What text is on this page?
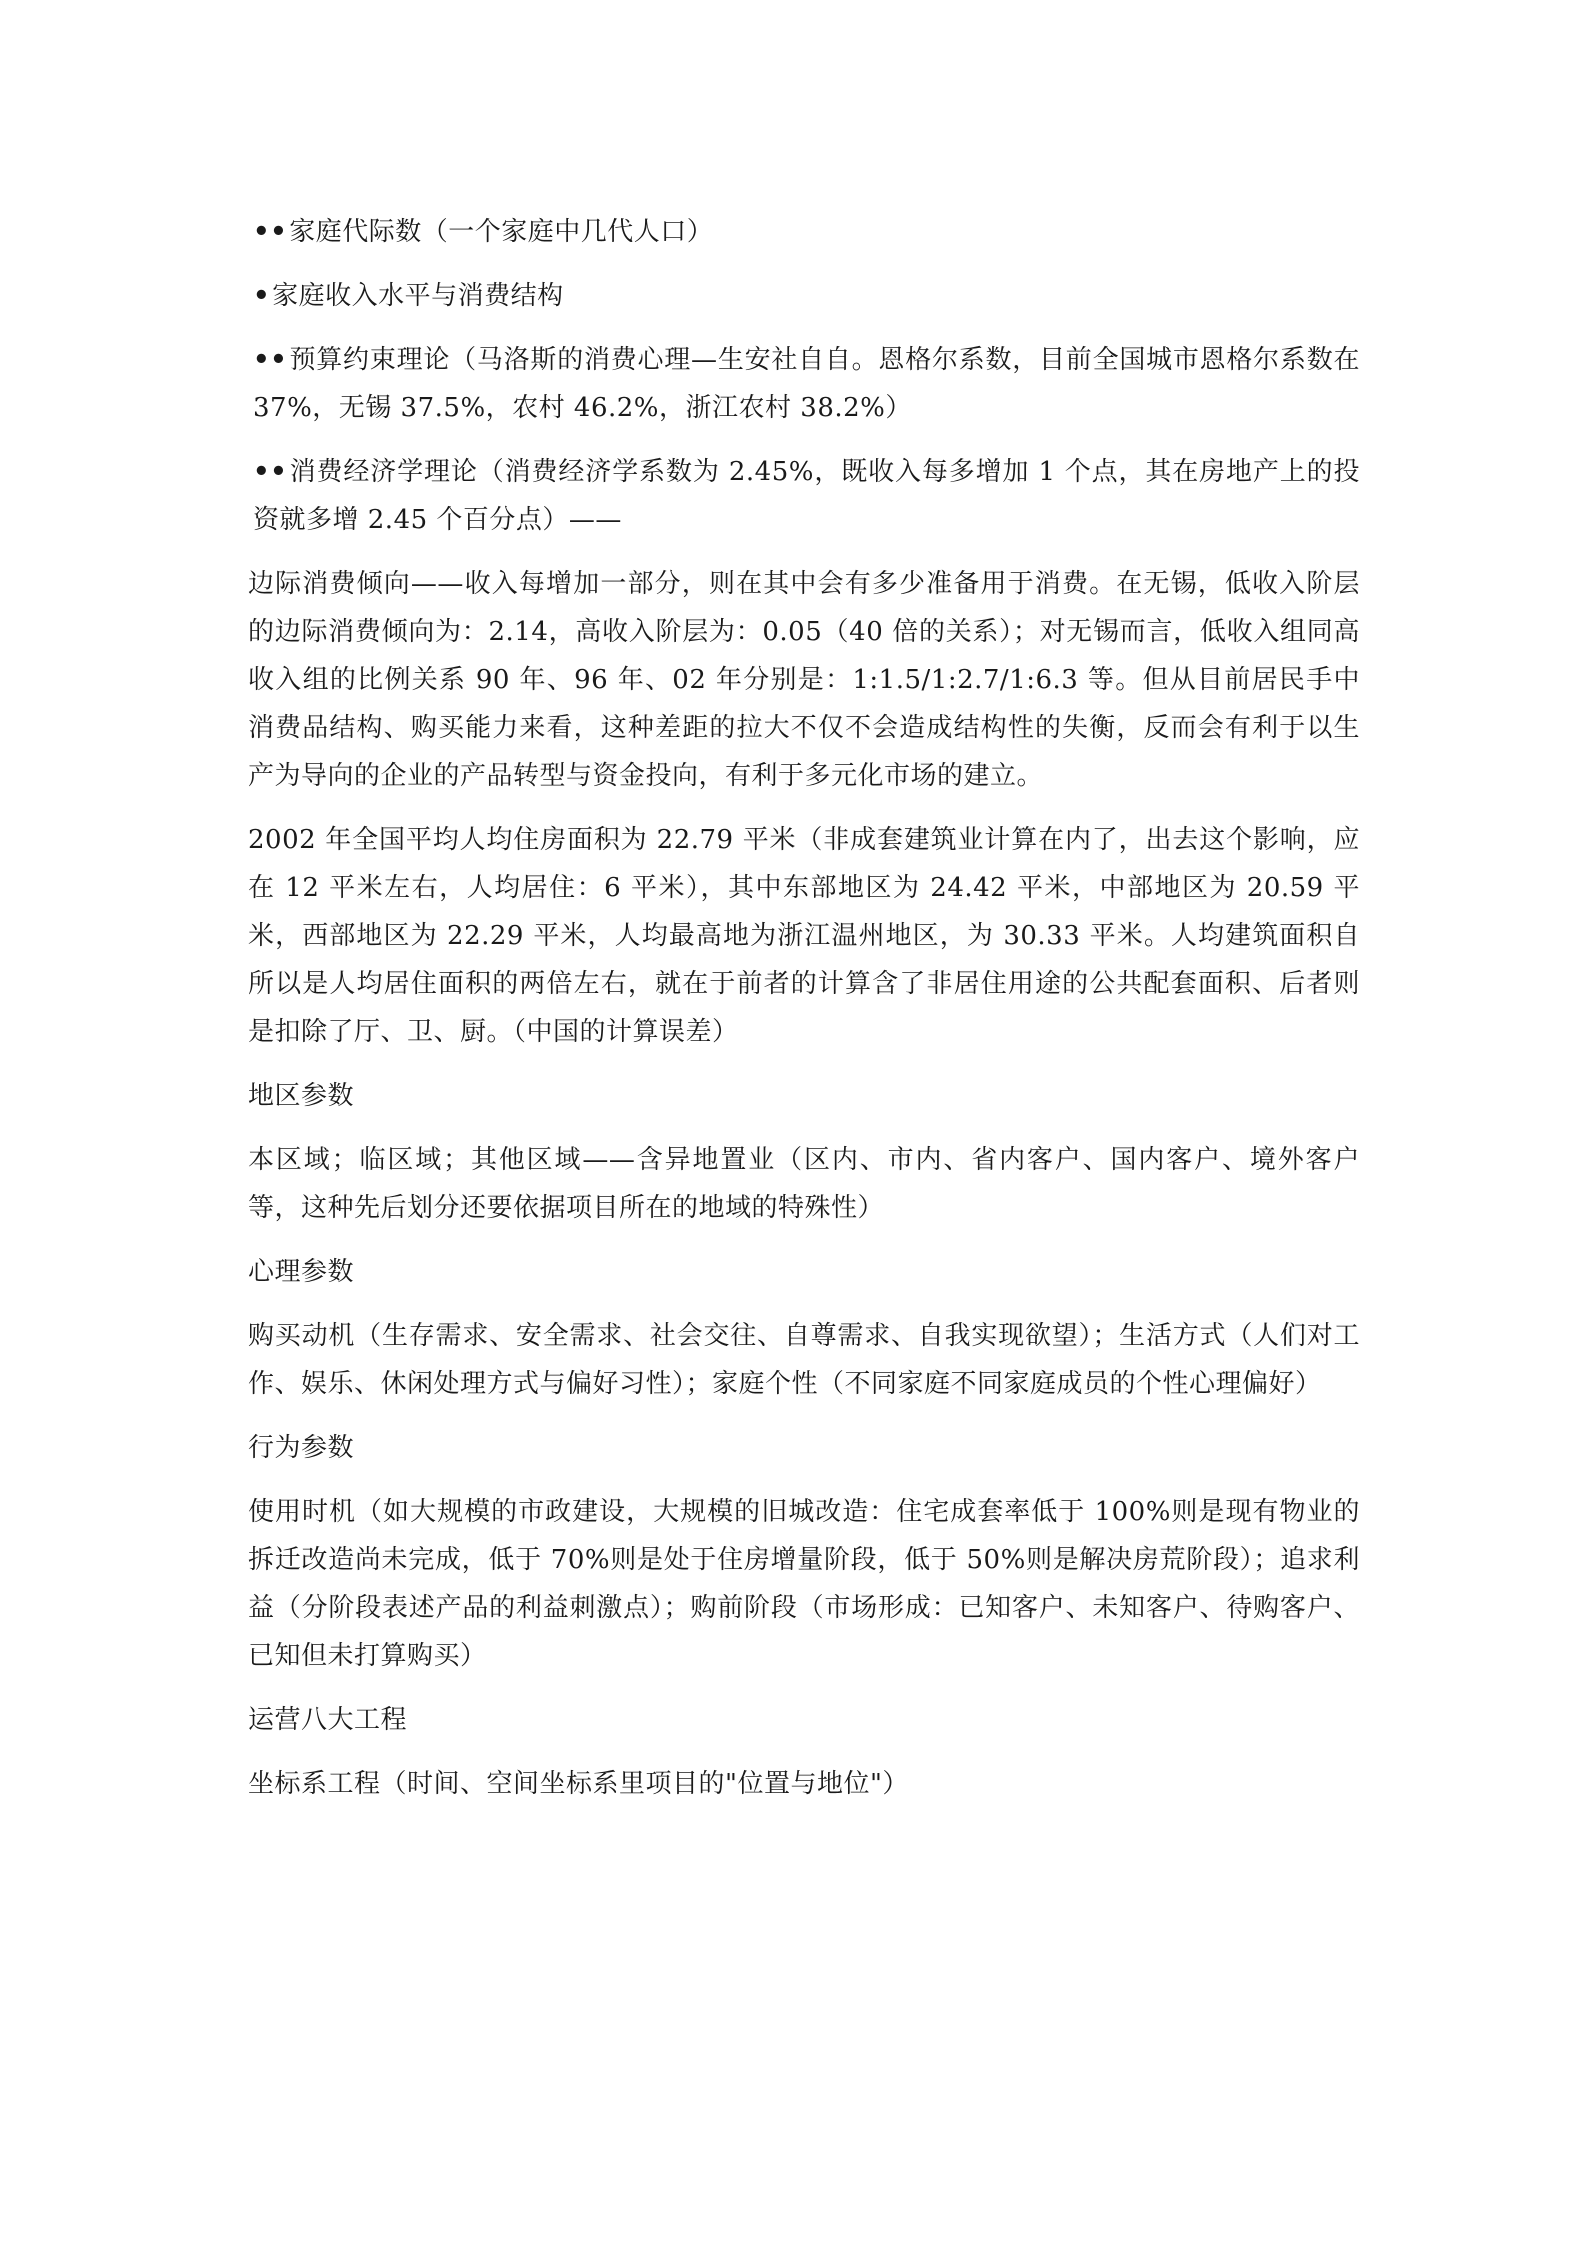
••家庭代际数（一个家庭中几代人口）

•家庭收入水平与消费结构

••预算约束理论（马洛斯的消费心理—生安社自自。恩格尔系数，目前全国城市恩格尔系数在 37%，无锡 37.5%，农村 46.2%，浙江农村 38.2%）

••消费经济学理论（消费经济学系数为 2.45%，既收入每多增加 1 个点，其在房地产上的投资就多增 2.45 个百分点）——

边际消费倾向——收入每增加一部分，则在其中会有多少准备用于消费。在无锡，低收入阶层的边际消费倾向为：2.14，高收入阶层为：0.05（40 倍的关系）；对无锡而言，低收入组同高收入组的比例关系 90 年、96 年、02 年分别是：1:1.5/1:2.7/1:6.3 等。但从目前居民手中消费品结构、购买能力来看，这种差距的拉大不仅不会造成结构性的失衡，反而会有利于以生产为导向的企业的产品转型与资金投向，有利于多元化市场的建立。

2002 年全国平均人均住房面积为 22.79 平米（非成套建筑业计算在内了，出去这个影响，应在 12 平米左右，人均居住：6 平米），其中东部地区为 24.42 平米，中部地区为 20.59 平米，西部地区为 22.29 平米，人均最高地为浙江温州地区，为 30.33 平米。人均建筑面积自所以是人均居住面积的两倍左右，就在于前者的计算含了非居住用途的公共配套面积、后者则是扣除了厅、卫、厨。（中国的计算误差）

地区参数

本区域；临区域；其他区域——含异地置业（区内、市内、省内客户、国内客户、境外客户等，这种先后划分还要依据项目所在的地域的特殊性）

心理参数

购买动机（生存需求、安全需求、社会交往、自尊需求、自我实现欲望）；生活方式（人们对工作、娱乐、休闲处理方式与偏好习性）；家庭个性（不同家庭不同家庭成员的个性心理偏好）

行为参数

使用时机（如大规模的市政建设，大规模的旧城改造：住宅成套率低于 100%则是现有物业的拆迁改造尚未完成，低于 70%则是处于住房增量阶段，低于 50%则是解决房荒阶段）；追求利益（分阶段表述产品的利益刺激点）；购前阶段（市场形成：已知客户、未知客户、待购客户、已知但未打算购买）

运营八大工程

坐标系工程（时间、空间坐标系里项目的"位置与地位"）
